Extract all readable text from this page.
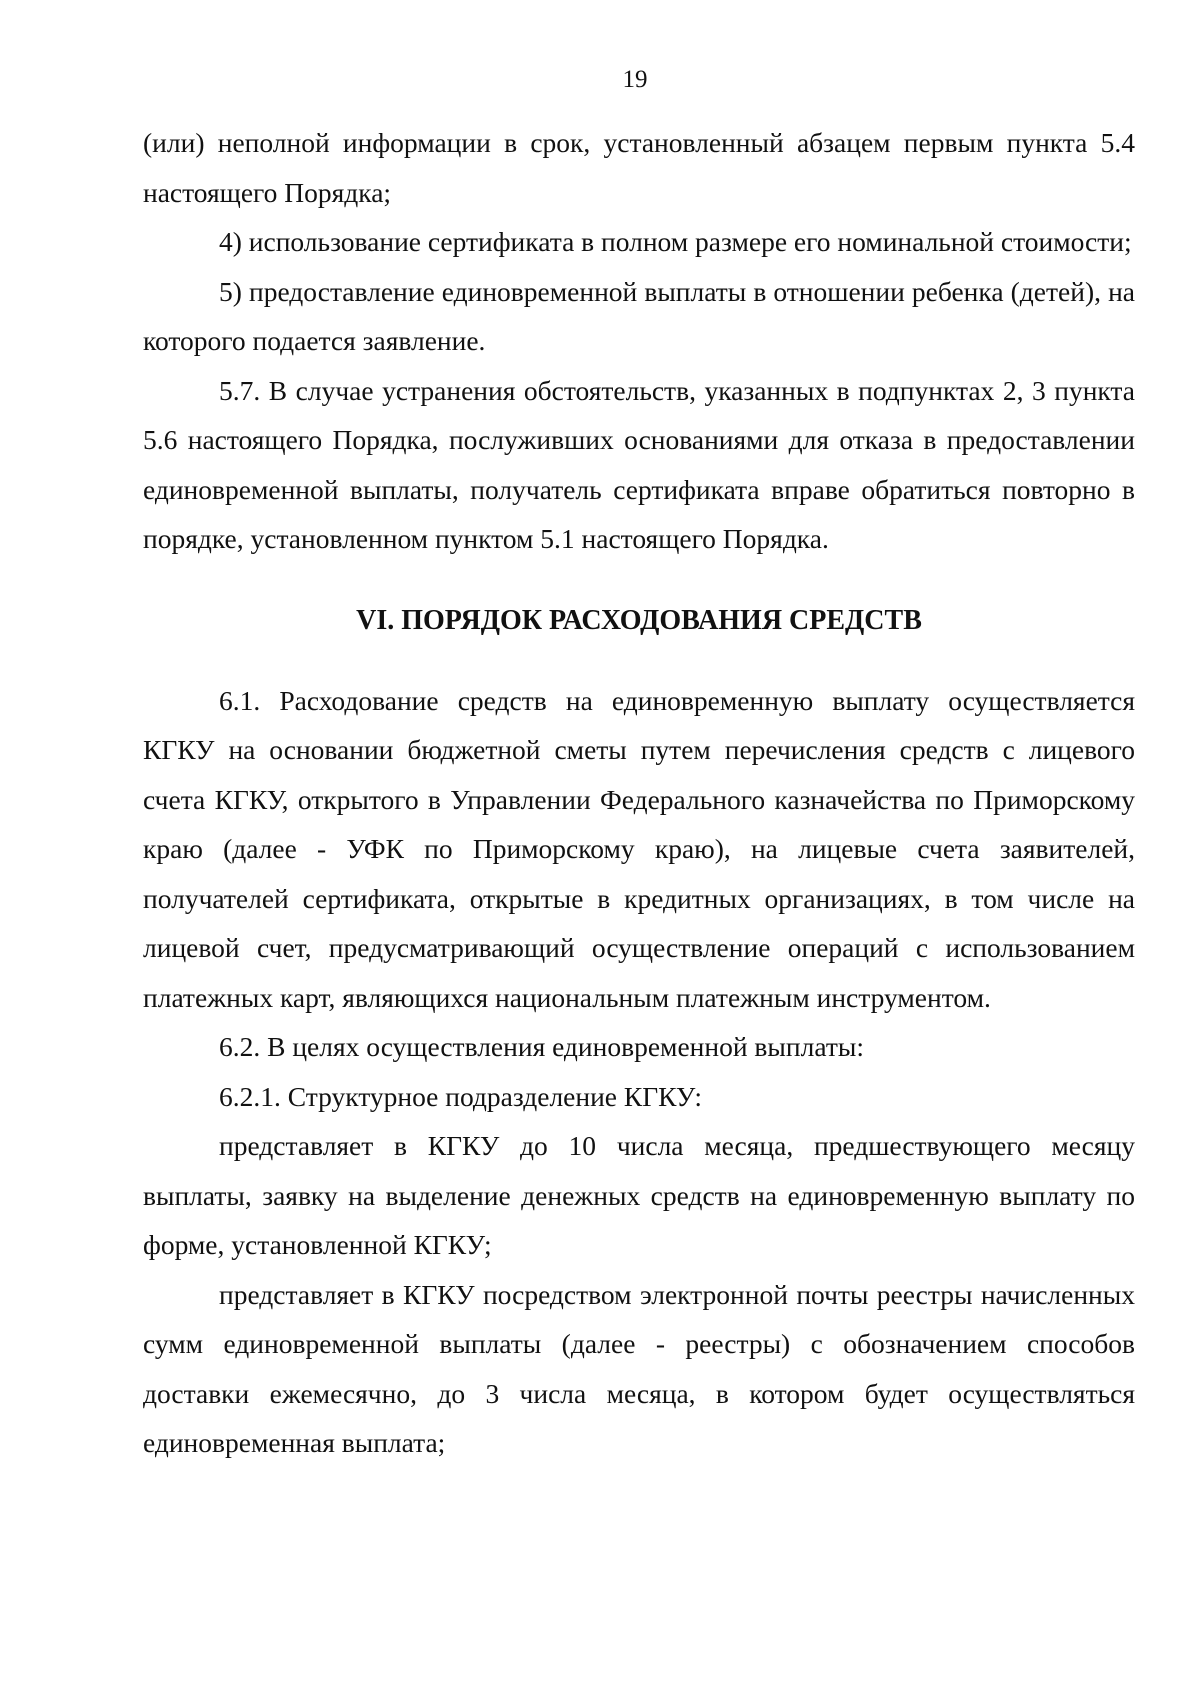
19

(или) неполной информации в срок, установленный абзацем первым пункта 5.4 настоящего Порядка;

4) использование сертификата в полном размере его номинальной стоимости;

5) предоставление единовременной выплаты в отношении ребенка (детей), на которого подается заявление.

5.7. В случае устранения обстоятельств, указанных в подпунктах 2, 3 пункта 5.6 настоящего Порядка, послуживших основаниями для отказа в предоставлении единовременной выплаты, получатель сертификата вправе обратиться повторно в порядке, установленном пунктом 5.1 настоящего Порядка.

VI. ПОРЯДОК РАСХОДОВАНИЯ СРЕДСТВ

6.1. Расходование средств на единовременную выплату осуществляется КГКУ на основании бюджетной сметы путем перечисления средств с лицевого счета КГКУ, открытого в Управлении Федерального казначейства по Приморскому краю (далее - УФК по Приморскому краю), на лицевые счета заявителей, получателей сертификата, открытые в кредитных организациях, в том числе на лицевой счет, предусматривающий осуществление операций с использованием платежных карт, являющихся национальным платежным инструментом.

6.2. В целях осуществления единовременной выплаты:

6.2.1. Структурное подразделение КГКУ:

представляет в КГКУ до 10 числа месяца, предшествующего месяцу выплаты, заявку на выделение денежных средств на единовременную выплату по форме, установленной КГКУ;

представляет в КГКУ посредством электронной почты реестры начисленных сумм единовременной выплаты (далее - реестры) с обозначением способов доставки ежемесячно, до 3 числа месяца, в котором будет осуществляться единовременная выплата;
